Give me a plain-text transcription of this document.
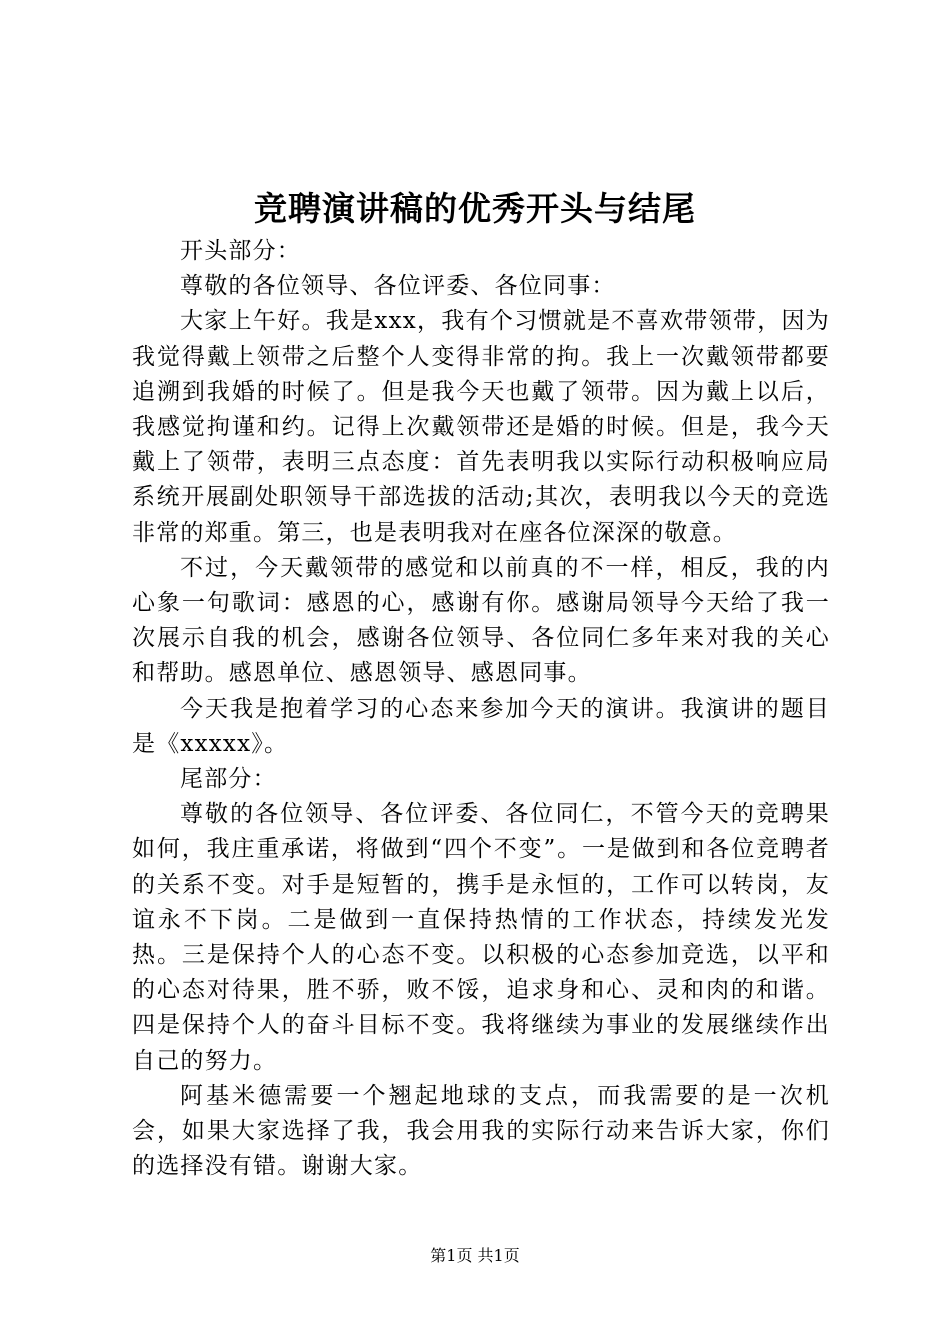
竞聘演讲稿的优秀开头与结尾

开头部分：

尊敬的各位领导、各位评委、各位同事：

大家上午好。我是xxx，我有个习惯就是不喜欢带领带，因为我觉得戴上领带之后整个人变得非常的拘。我上一次戴领带都要追溯到我婚的时候了。但是我今天也戴了领带。因为戴上以后，我感觉拘谨和约。记得上次戴领带还是婚的时候。但是，我今天戴上了领带，表明三点态度：首先表明我以实际行动积极响应局系统开展副处职领导干部选拔的活动;其次，表明我以今天的竞选非常的郑重。第三，也是表明我对在座各位深深的敬意。

不过，今天戴领带的感觉和以前真的不一样，相反，我的内心象一句歌词：感恩的心，感谢有你。感谢局领导今天给了我一次展示自我的机会，感谢各位领导、各位同仁多年来对我的关心和帮助。感恩单位、感恩领导、感恩同事。

今天我是抱着学习的心态来参加今天的演讲。我演讲的题目是《xxxxx》。

尾部分：

尊敬的各位领导、各位评委、各位同仁，不管今天的竞聘果如何，我庄重承诺，将做到“四个不变”。一是做到和各位竞聘者的关系不变。对手是短暂的，携手是永恒的，工作可以转岗，友谊永不下岗。二是做到一直保持热情的工作状态，持续发光发热。三是保持个人的心态不变。以积极的心态参加竞选，以平和的心态对待果，胜不骄，败不馁，追求身和心、灵和肉的和谐。四是保持个人的奋斗目标不变。我将继续为事业的发展继续作出自己的努力。

阿基米德需要一个翘起地球的支点，而我需要的是一次机会，如果大家选择了我，我会用我的实际行动来告诉大家，你们的选择没有错。谢谢大家。

第1页 共1页
